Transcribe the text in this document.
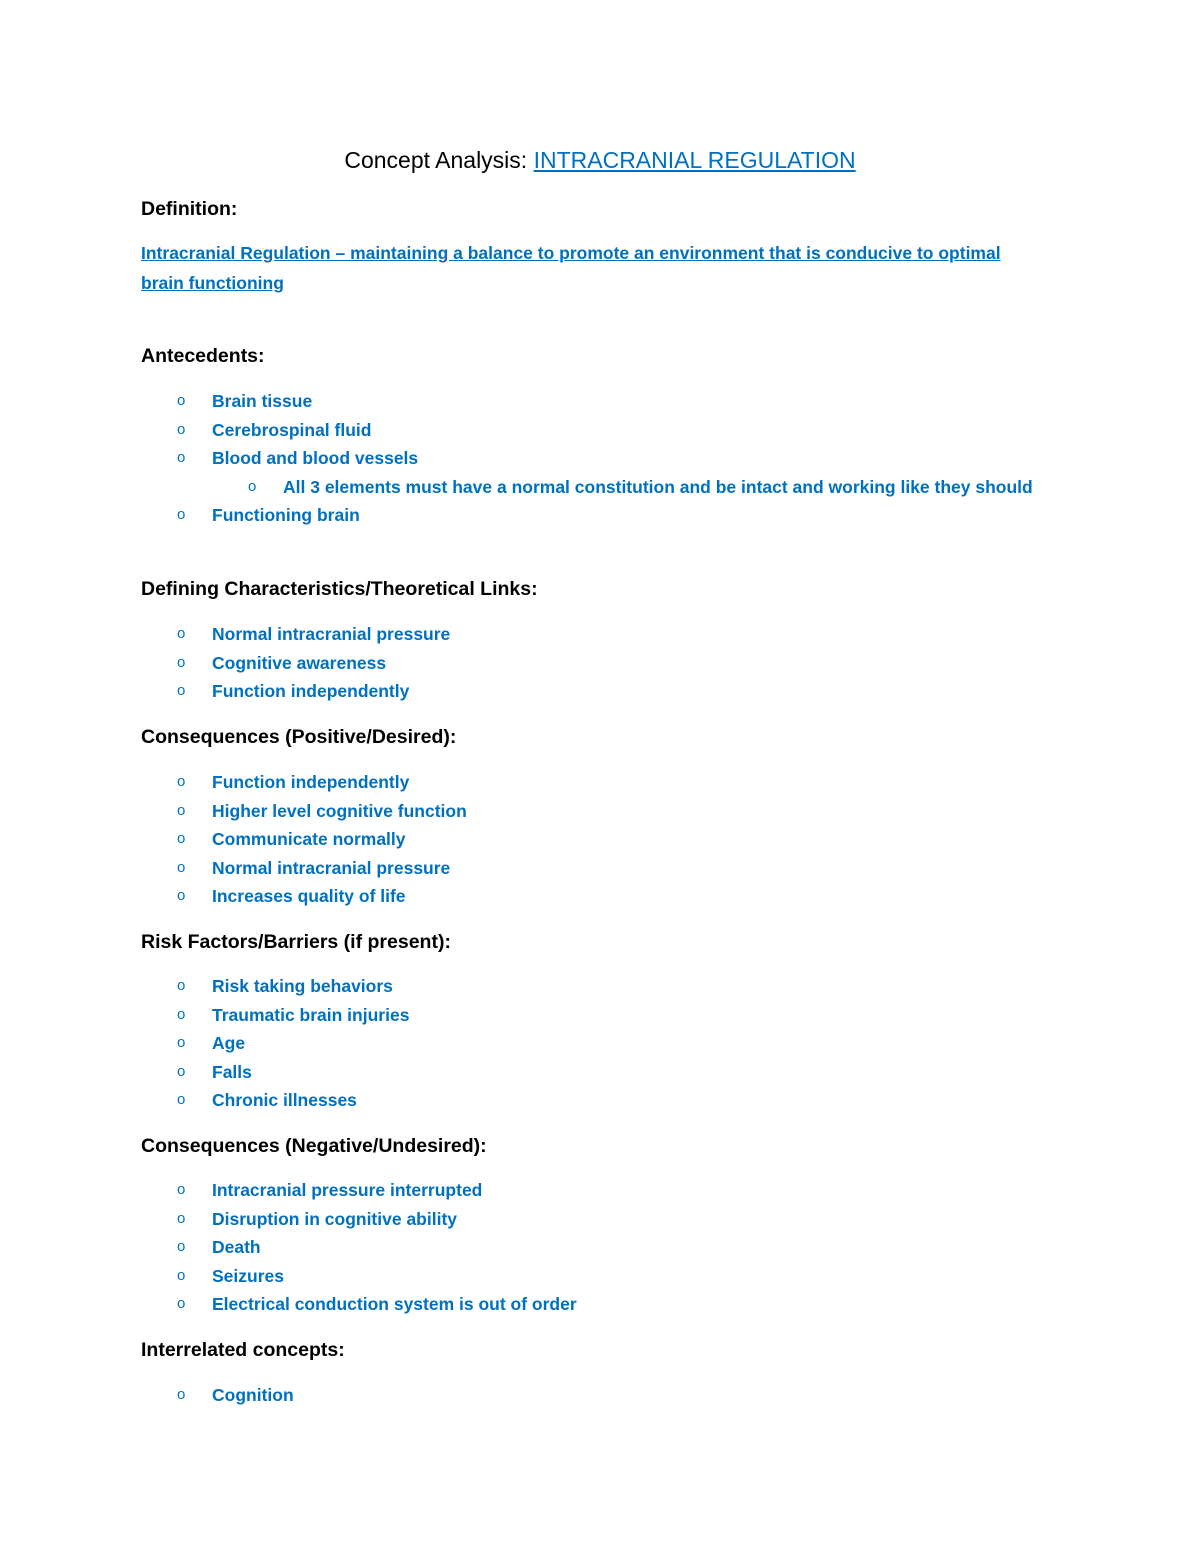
Concept Analysis: INTRACRANIAL REGULATION
Definition:
Intracranial Regulation – maintaining a balance to promote an environment that is conducive to optimal brain functioning
Antecedents:
o Brain tissue
o Cerebrospinal fluid
o Blood and blood vessels
o All 3 elements must have a normal constitution and be intact and working like they should
o Functioning brain
Defining Characteristics/Theoretical Links:
o Normal intracranial pressure
o Cognitive awareness
o Function independently
Consequences (Positive/Desired):
o Function independently
o Higher level cognitive function
o Communicate normally
o Normal intracranial pressure
o Increases quality of life
Risk Factors/Barriers (if present):
o Risk taking behaviors
o Traumatic brain injuries
o Age
o Falls
o Chronic illnesses
Consequences (Negative/Undesired):
o Intracranial pressure interrupted
o Disruption in cognitive ability
o Death
o Seizures
o Electrical conduction system is out of order
Interrelated concepts:
o Cognition
